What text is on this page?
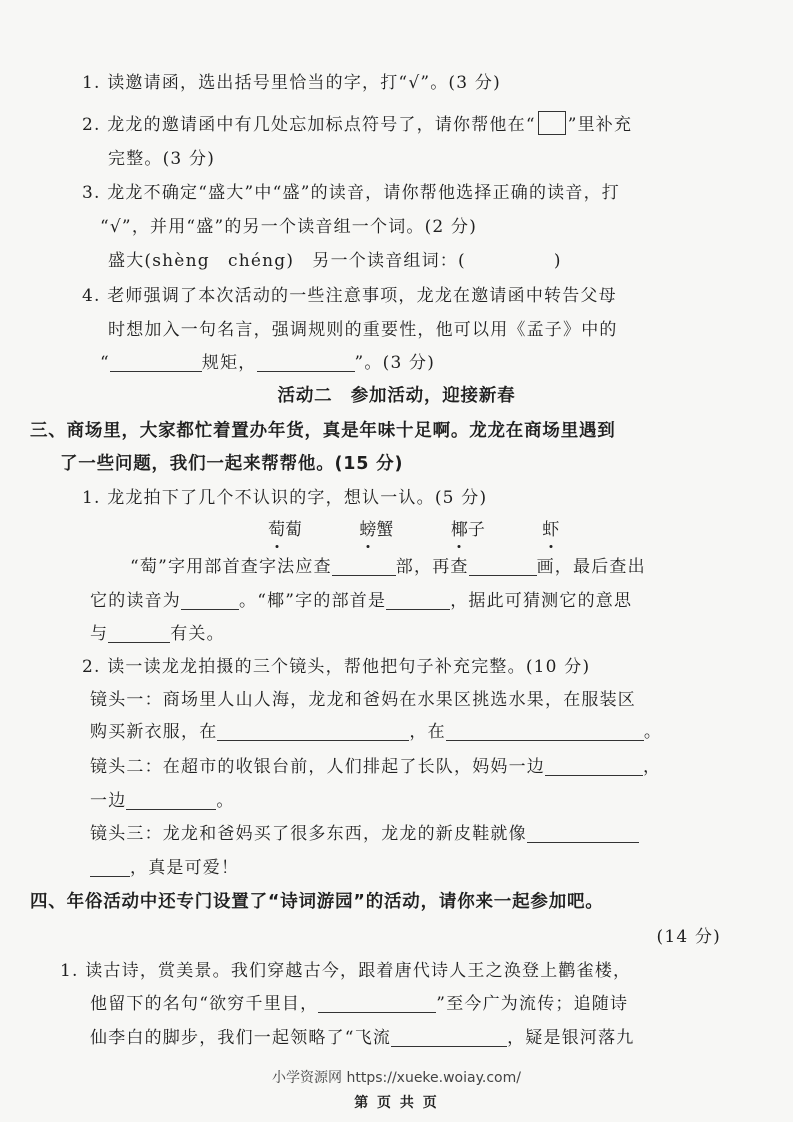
1. 读邀请函，选出括号里恰当的字，打“√”。(3 分)
2. 龙龙的邀请函中有几处忘加标点符号了，请你帮他在“ ”里补充
完整。(3 分)
3. 龙龙不确定“盛大”中“盛”的读音，请你帮他选择正确的读音，打
“√”，并用“盛”的另一个读音组一个词。(2 分)
盛大(shèng　chéng)　另一个读音组词：(	)
4. 老师强调了本次活动的一些注意事项，龙龙在邀请函中转告父母
时想加入一句名言，强调规则的重要性，他可以用《孟子》中的
“	规矩，	”。(3 分)
活动二　参加活动，迎接新春
三、商场里，大家都忙着置办年货，真是年味十足啊。龙龙在商场里遇到
了一些问题，我们一起来帮帮他。(15 分)
1. 龙龙拍下了几个不认识的字，想认一认。(5 分)
萄蔔	螃蟹	椰子	虾
“萄”字用部首查字法应查	部，再查	画，最后查出
它的读音为	。“椰”字的部首是	，据此可猜测它的意思
与	有关。
2. 读一读龙龙拍摄的三个镜头，帮他把句子补充完整。(10 分)
镜头一：商场里人山人海，龙龙和爸妈在水果区挑选水果，在服装区
购买新衣服，在	，在	。
镜头二：在超市的收银台前，人们排起了长队，妈妈一边	，
一边	。
镜头三：龙龙和爸妈买了很多东西，龙龙的新皮鞋就像
，真是可爱！
四、年俗活动中还专门设置了“诗词游园”的活动，请你来一起参加吧。
(14 分)
1. 读古诗，赏美景。我们穿越古今，跟着唐代诗人王之涣登上鹳雀楼，
他留下的名句“欲穷千里目，	”至今广为流传；追随诗
仙李白的脚步，我们一起领略了“飞流	，疑是银河落九
小学资源网 https://xueke.woiay.com/
第 页 共 页
